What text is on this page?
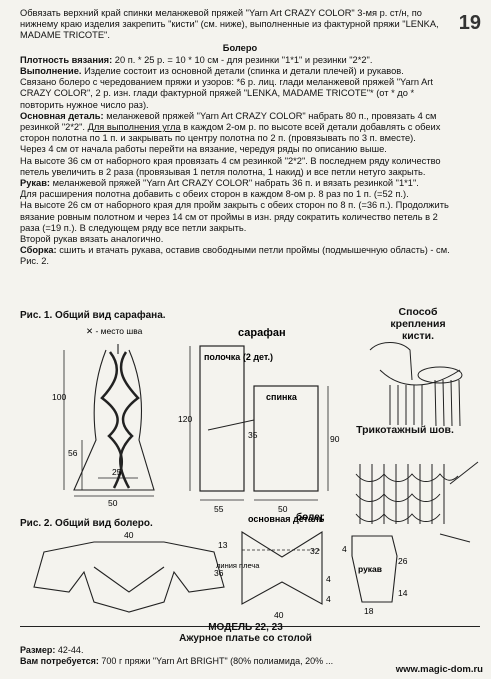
19

Обвязать верхний край спинки меланжевой пряжей "Yarn Art CRAZY COLOR" 3-мя р. ст/н, по нижнему краю изделия закрепить "кисти" (см. ниже), выполненные из фактурной пряжи "LENKA, MADAME TRICOTE".

Болеро

Плотность вязания: 20 п. * 25 р. = 10 * 10 см - для резинки "1*1" и резинки "2*2".

Выполнение. Изделие состоит из основной детали (спинка и детали плечей) и рукавов.

Связано болеро с чередованием пряжи и узоров: *6 р. лиц. глади меланжевой пряжей "Yarn Art CRAZY COLOR", 2 р. изн. глади фактурной пряжей "LENKA, MADAME TRICOTE"* (от * до * повторить нужное число раз).

Основная деталь: меланжевой пряжей "Yarn Art CRAZY COLOR" набрать 80 п., провязать 4 см резинкой "2*2". Для выполнения угла в каждом 2-ом р. по высоте всей детали добавлять с обеих сторон полотна по 1 п. и закрывать по центру полотна по 2 п. (провязывать по 3 п. вместе).

Через 4 см от начала работы перейти на вязание, чередуя ряды по описанию выше.

На высоте 36 см от наборного края провязать 4 см резинкой "2*2". В последнем ряду количество петель увеличить в 2 раза (провязывая 1 петля полотна, 1 накид) и все петли нетуго закрыть.

Рукав: меланжевой пряжей "Yarn Art CRAZY COLOR" набрать 36 п. и вязать резинкой "1*1".

Для расширения полотна добавить с обеих сторон в каждом 8-ом р. 8 раз по 1 п. (=52 п.).

На высоте 26 см от наборного края для пройм закрыть с обеих сторон по 8 п. (=36 п.). Продолжить вязание ровным полотном и через 14 см от проймы в изн. ряду сократить количество петель в 2 раза (=19 п.). В следующем ряду все петли закрыть.

Второй рукав вязать аналогично.

Сборка: сшить и втачать рукава, оставив свободными петли проймы (подмышечную область) - см. Рис. 2.

Рис. 1. Общий вид сарафана.
✕ - место шва	сарафан
100
56
25
50
полочка (2 дет.)
120
55
спинка
90
50
35
Рис. 2. Общий вид болеро.
40
36
болер
основная деталь
линия плеча
13
32
4
40
4
рукав
26
18
14
4
Способ крепления кисти.
Трикотажный шов.
МОДЕЛЬ 22, 23
Ажурное платье со столой
Размер: 42-44.
Вам потребуется: 700 г пряжи "Yarn Art BRIGHT" (80% полиамида, 20% ...
www.magic-dom.ru
